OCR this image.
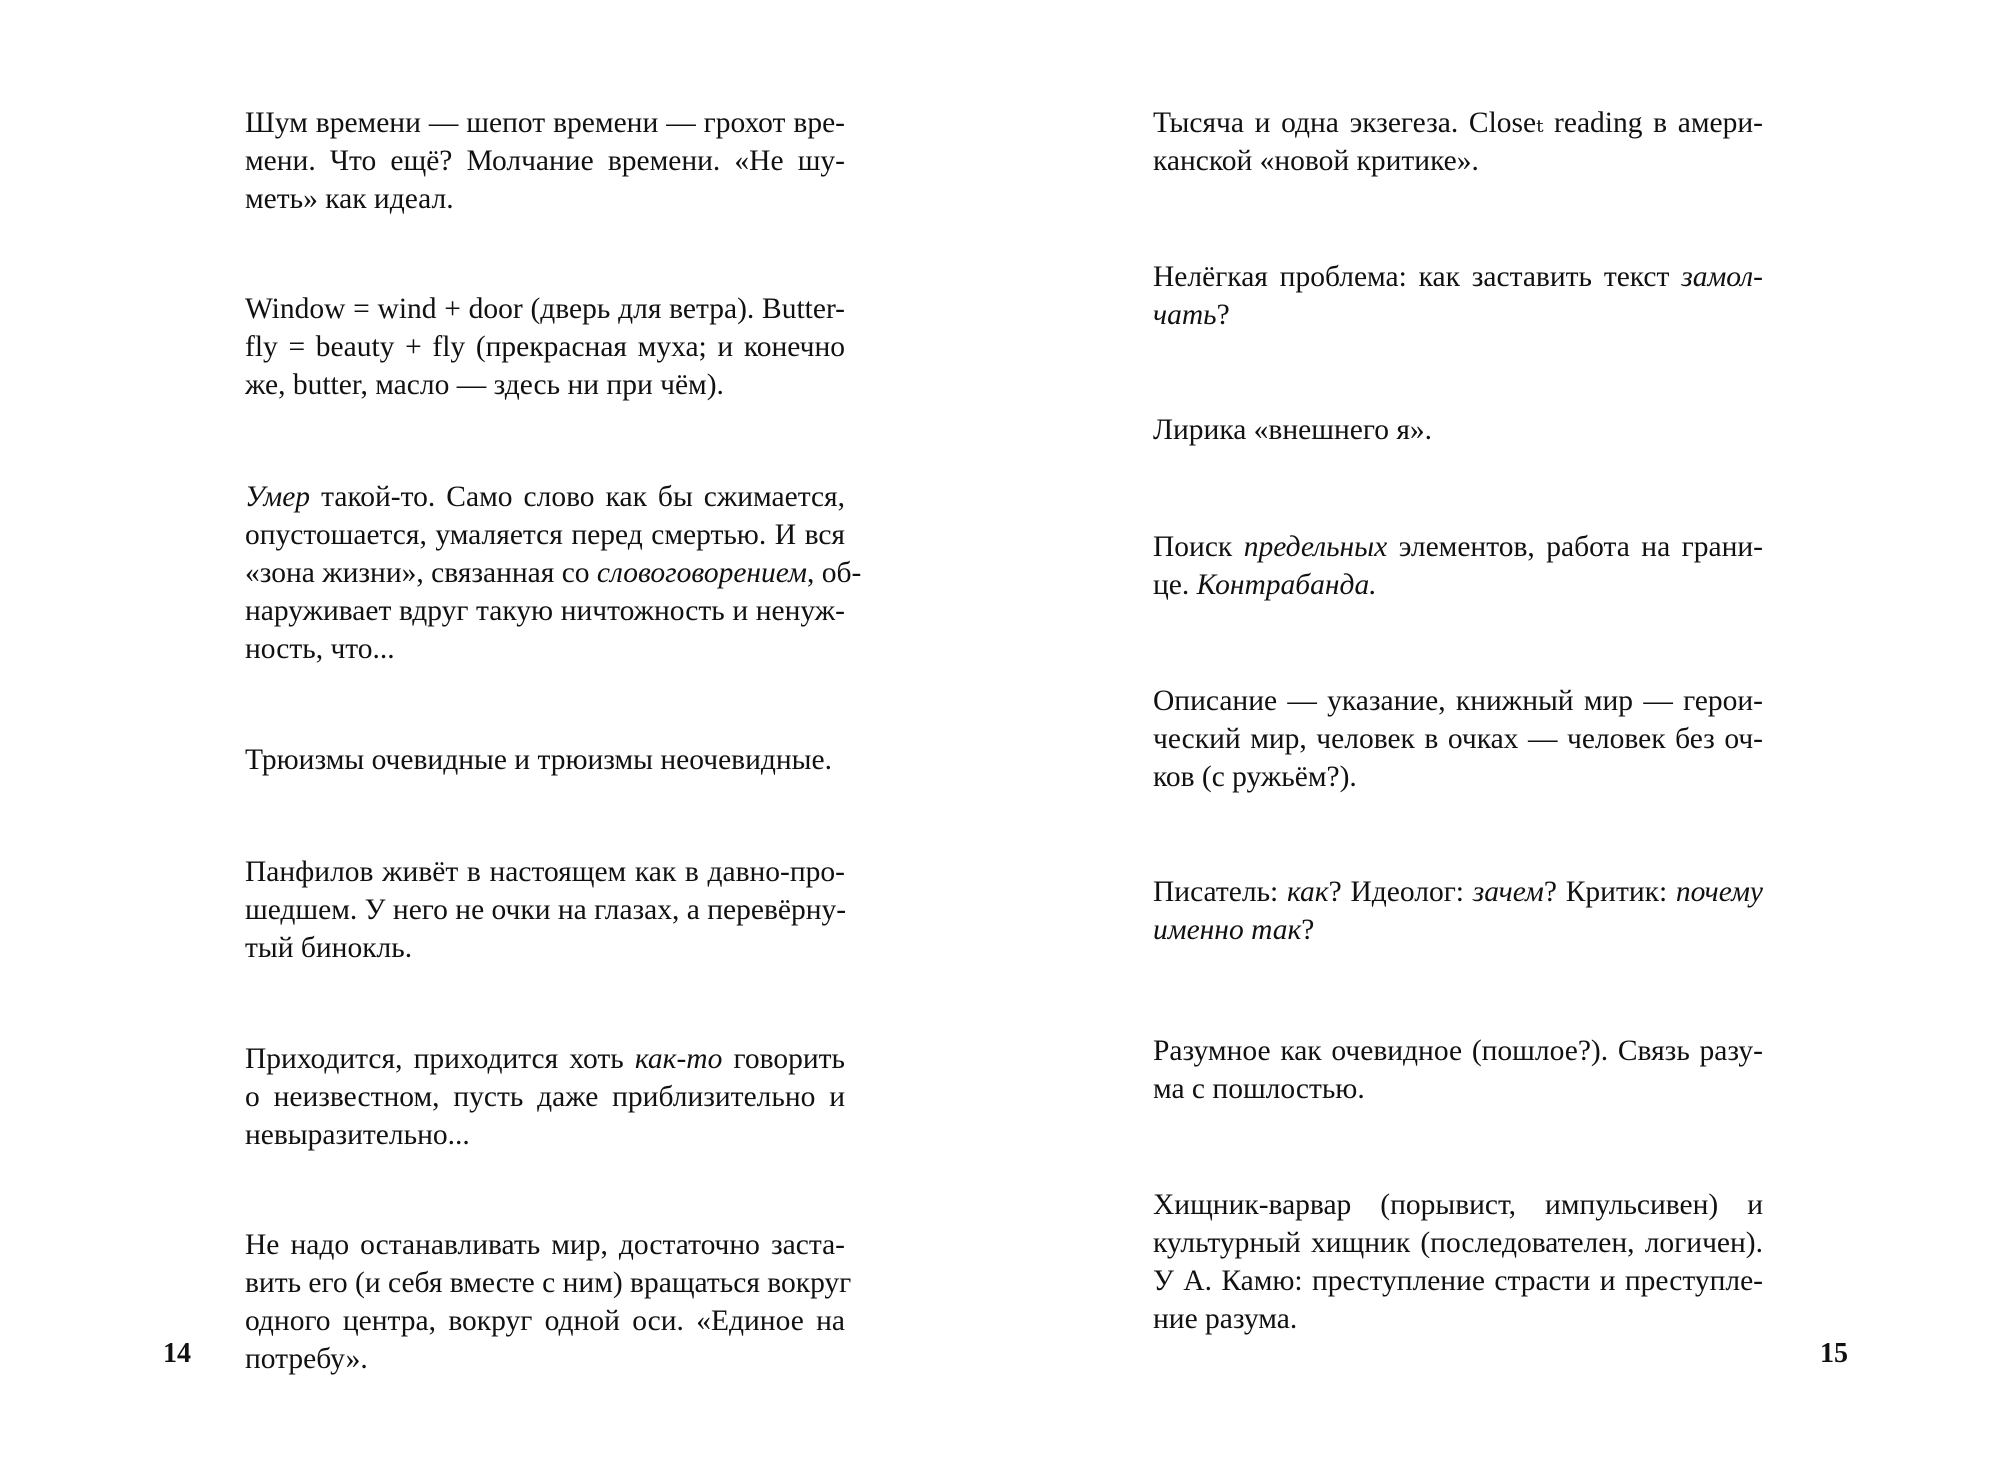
Шум времени — шепот времени — грохот вре-
мени. Что ещё? Молчание времени. «Не шу-
меть» как идеал.

Window = wind + door (дверь для ветра). Butter-
fly = beauty + fly (прекрасная муха; и конечно
же, butter, масло — здесь ни при чём).

Умер такой-то. Само слово как бы сжимается,
опустошается, умаляется перед смертью. И вся
«зона жизни», связанная со словоговорением, об-
наруживает вдруг такую ничтожность и ненуж-
ность, что...

Трюизмы очевидные и трюизмы неочевидные.

Панфилов живёт в настоящем как в давно-про-
шедшем. У него не очки на глазах, а перевёрну-
тый бинокль.

Приходится, приходится хоть как-то говорить
о неизвестном, пусть даже приблизительно и
невыразительно...

Не надо останавливать мир, достаточно заста-
вить его (и себя вместе с ним) вращаться вокруг
одного центра, вокруг одной оси. «Единое на
потребу».

14

Тысяча и одна экзегеза. Closeₜ reading в амери-
канской «новой критике».

Нелёгкая проблема: как заставить текст замол-
чать?

Лирика «внешнего я».

Поиск предельных элементов, работа на грани-
це. Контрабанда.

Описание — указание, книжный мир — герои-
ческий мир, человек в очках — человек без оч-
ков (с ружьём?).

Писатель: как? Идеолог: зачем? Критик: почему
именно так?

Разумное как очевидное (пошлое?). Связь разу-
ма с пошлостью.

Хищник-варвар (порывист, импульсивен) и
культурный хищник (последователен, логичен).
У А. Камю: преступление страсти и преступле-
ние разума.

15
